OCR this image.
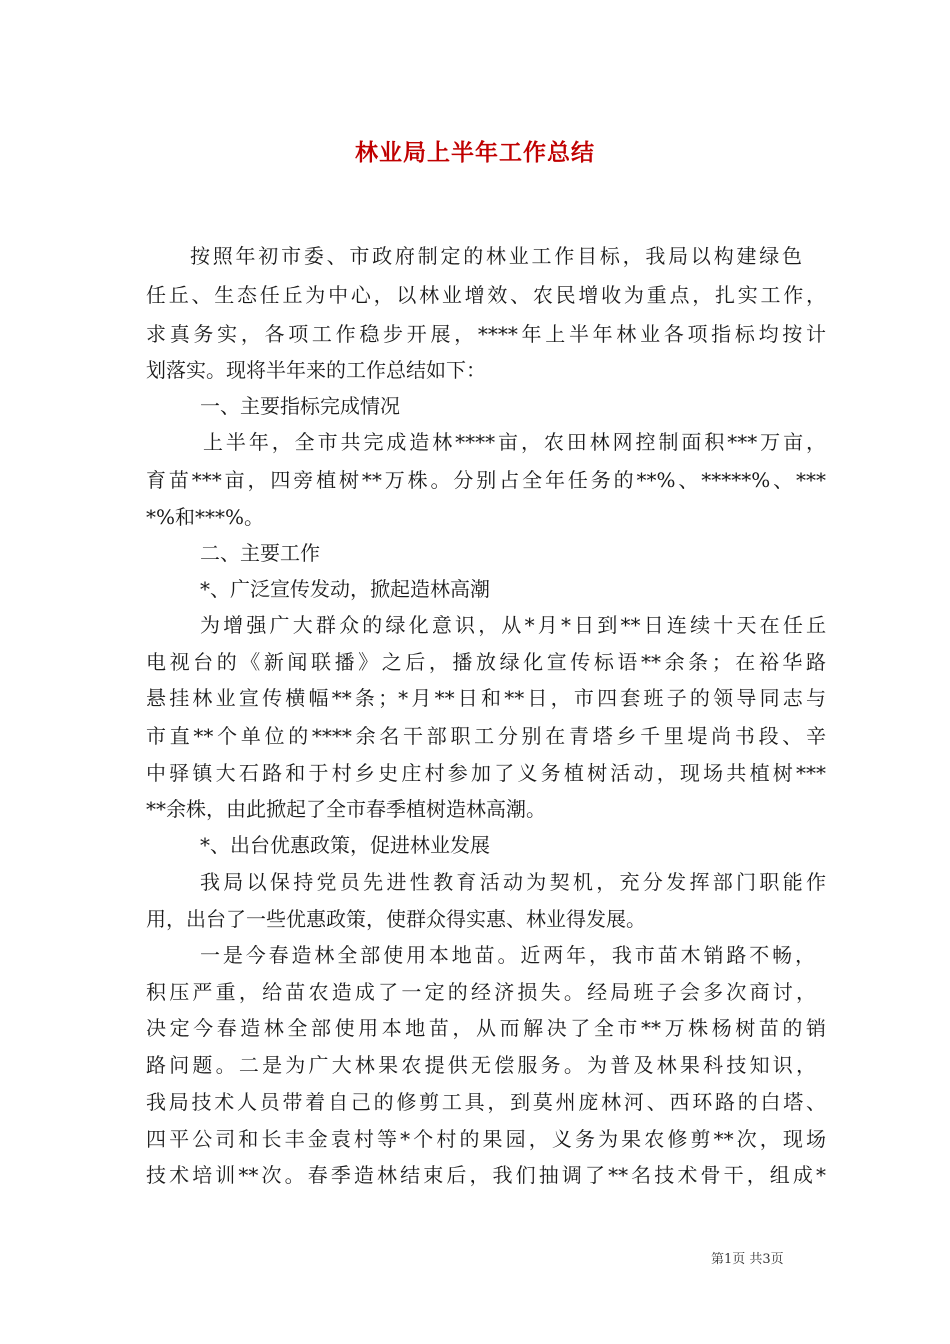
林业局上半年工作总结
按照年初市委、市政府制定的林业工作目标，我局以构建绿色
任丘、生态任丘为中心，以林业增效、农民增收为重点，扎实工作，
求真务实，各项工作稳步开展，****年上半年林业各项指标均按计
划落实。现将半年来的工作总结如下：
一、主要指标完成情况
上半年，全市共完成造林****亩，农田林网控制面积***万亩，
育苗***亩，四旁植树**万株。分别占全年任务的**%、*****%、***
*%和***%。
二、主要工作
*、广泛宣传发动，掀起造林高潮
为增强广大群众的绿化意识，从*月*日到**日连续十天在任丘
电视台的《新闻联播》之后，播放绿化宣传标语**余条；在裕华路
悬挂林业宣传横幅**条；*月**日和**日，市四套班子的领导同志与
市直**个单位的****余名干部职工分别在青塔乡千里堤尚书段、辛
中驿镇大石路和于村乡史庄村参加了义务植树活动，现场共植树***
**余株，由此掀起了全市春季植树造林高潮。
*、出台优惠政策，促进林业发展
我局以保持党员先进性教育活动为契机，充分发挥部门职能作
用，出台了一些优惠政策，使群众得实惠、林业得发展。
一是今春造林全部使用本地苗。近两年，我市苗木销路不畅，
积压严重，给苗农造成了一定的经济损失。经局班子会多次商讨，
决定今春造林全部使用本地苗，从而解决了全市**万株杨树苗的销
路问题。二是为广大林果农提供无偿服务。为普及林果科技知识，
我局技术人员带着自己的修剪工具，到莫州庞林河、西环路的白塔、
四平公司和长丰金袁村等*个村的果园，义务为果农修剪**次，现场
技术培训**次。春季造林结束后，我们抽调了**名技术骨干，组成*
第1页 共3页
